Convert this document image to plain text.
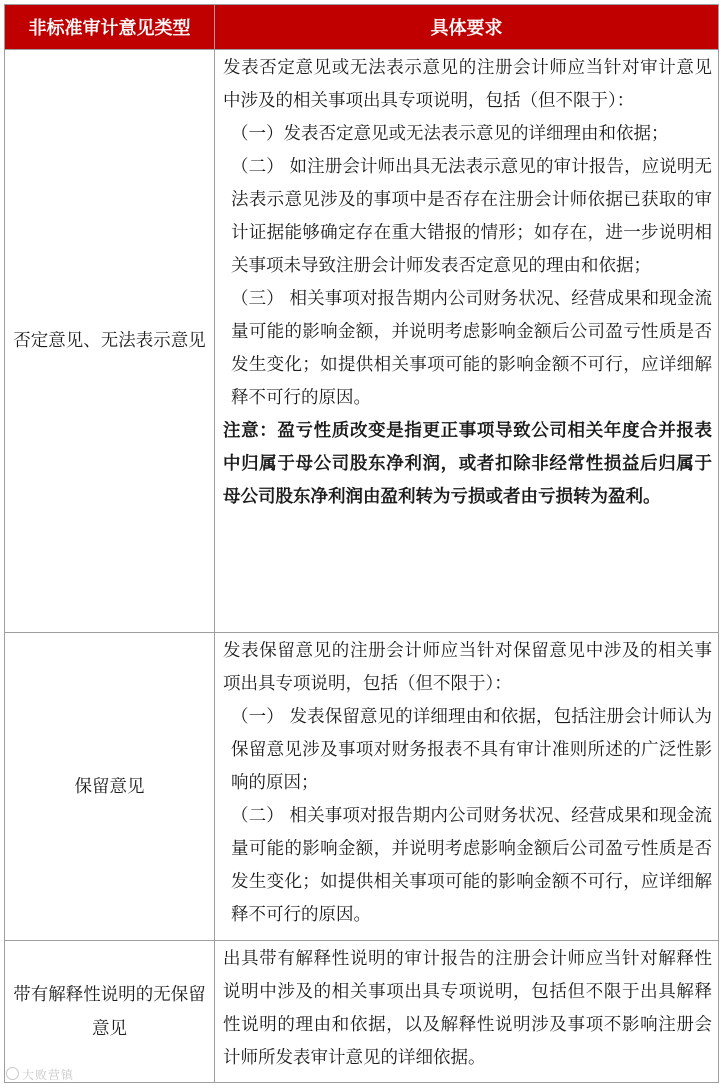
非标准审计意见类型	具体要求
否定意见、无法表示意见	发表否定意见或无法表示意见的注册会计师应当针对审计意见中涉及的相关事项出具专项说明，包括（但不限于）：

（一）发表否定意见或无法表示意见的详细理由和依据；

（二） 如注册会计师出具无法表示意见的审计报告，应说明无法表示意见涉及的事项中是否存在注册会计师依据已获取的审计证据能够确定存在重大错报的情形；如存在，进一步说明相关事项未导致注册会计师发表否定意见的理由和依据；

（三） 相关事项对报告期内公司财务状况、经营成果和现金流量可能的影响金额，并说明考虑影响金额后公司盈亏性质是否发生变化；如提供相关事项可能的影响金额不可行，应详细解释不可行的原因。

注意：盈亏性质改变是指更正事项导致公司相关年度合并报表中归属于母公司股东净利润，或者扣除非经常性损益后归属于母公司股东净利润由盈利转为亏损或者由亏损转为盈利。

保留意见	发表保留意见的注册会计师应当针对保留意见中涉及的相关事项出具专项说明，包括（但不限于）：

（一） 发表保留意见的详细理由和依据，包括注册会计师认为保留意见涉及事项对财务报表不具有审计准则所述的广泛性影响的原因；

（二） 相关事项对报告期内公司财务状况、经营成果和现金流量可能的影响金额，并说明考虑影响金额后公司盈亏性质是否发生变化；如提供相关事项可能的影响金额不可行，应详细解释不可行的原因。

带有解释性说明的无保留意见	出具带有解释性说明的审计报告的注册会计师应当针对解释性说明中涉及的相关事项出具专项说明，包括但不限于出具解释性说明的理由和依据，以及解释性说明涉及事项不影响注册会计师所发表审计意见的详细依据。

大败营镇
